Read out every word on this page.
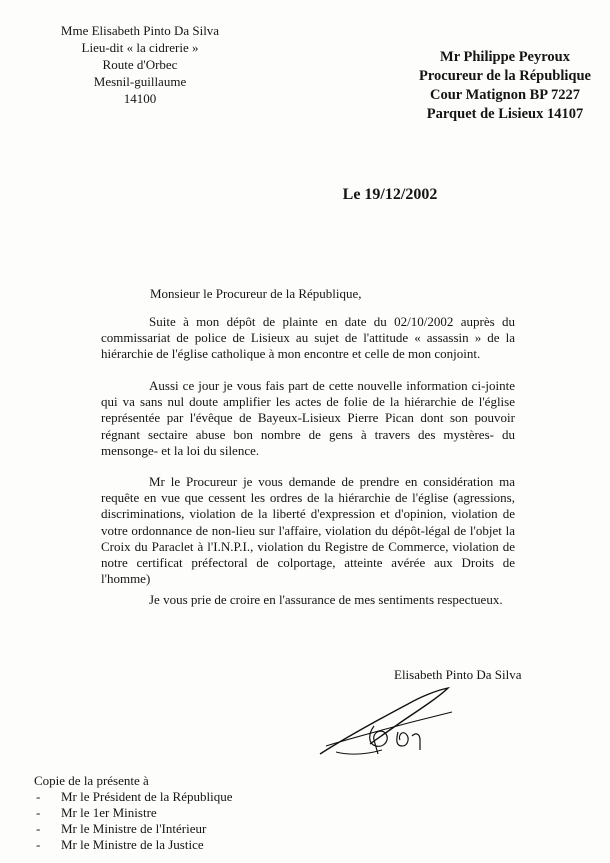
Mme Elisabeth Pinto Da Silva
Lieu-dit « la cidrerie »
Route d'Orbec
Mesnil-guillaume
14100
Mr Philippe Peyroux
Procureur de la République
Cour Matignon BP 7227
Parquet de Lisieux 14107
Le 19/12/2002
Monsieur le Procureur de la République,

Suite à mon dépôt de plainte en date du 02/10/2002 auprès du commissariat de police de Lisieux au sujet de l'attitude « assassin » de la hiérarchie de l'église catholique à mon encontre et celle de mon conjoint.

Aussi ce jour je vous fais part de cette nouvelle information ci-jointe qui va sans nul doute amplifier les actes de folie de la hiérarchie de l'église représentée par l'évêque de Bayeux-Lisieux Pierre Pican dont son pouvoir régnant sectaire abuse bon nombre de gens à travers des mystères- du mensonge- et la loi du silence.

Mr le Procureur je vous demande de prendre en considération ma requête en vue que cessent les ordres de la hiérarchie de l'église (agressions, discriminations, violation de la liberté d'expression et d'opinion, violation de votre ordonnance de non-lieu sur l'affaire, violation du dépôt-légal de l'objet la Croix du Paraclet à l'I.N.P.I., violation du Registre de Commerce, violation de notre certificat préfectoral de colportage, atteinte avérée aux Droits de l'homme)

Je vous prie de croire en l'assurance de mes sentiments respectueux.
Elisabeth Pinto Da Silva
Copie de la présente à
- Mr le Président de la République
- Mr le 1er Ministre
- Mr le Ministre de l'Intérieur
- Mr le Ministre de la Justice
